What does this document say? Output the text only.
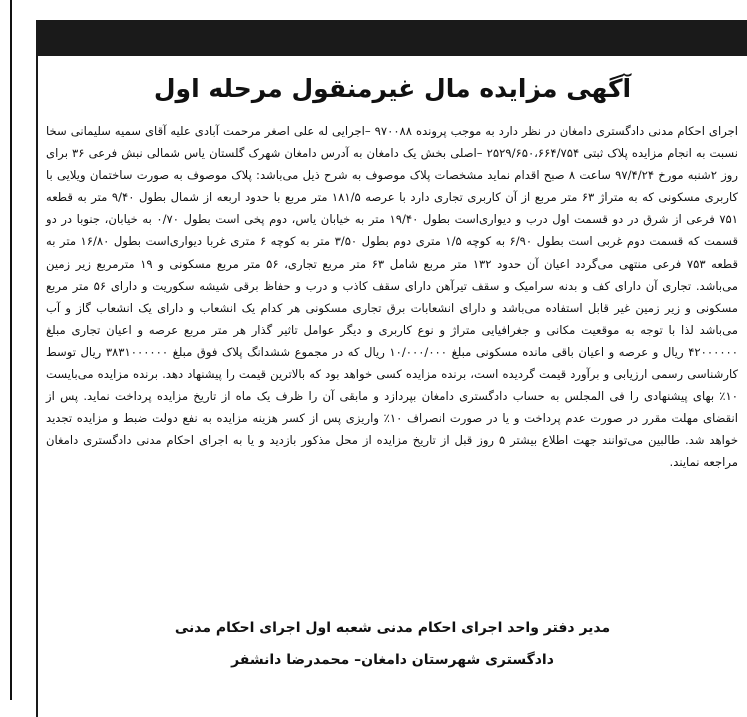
آگهی مزایده مال غیرمنقول مرحله اول

اجرای احکام مدنی دادگستری دامغان در نظر دارد به موجب پرونده ۹۷۰۰۸۸ –اجرایی له علی اصغر مرحمت آبادی علیه آقای سمیه سلیمانی سخا نسبت به انجام مزایده پلاک ثبتی ۲۵۲۹/۶۵۰،۶۶۴/۷۵۴ –اصلی بخش یک دامغان به آدرس دامغان شهرک گلستان یاس شمالی نبش فرعی ۳۶ برای روز ۲شنبه مورخ ۹۷/۴/۲۴ ساعت ۸ صبح اقدام نماید مشخصات پلاک موصوف به شرح ذیل می‌باشد: پلاک موصوف به صورت ساختمان ویلایی با کاربری مسکونی که به متراژ ۶۳ متر مربع از آن کاربری تجاری دارد با عرصه ۱۸۱/۵ متر مربع با حدود اربعه از شمال بطول ۹/۴۰ متر به قطعه ۷۵۱ فرعی از شرق در دو قسمت اول درب و دیواری‌است بطول ۱۹/۴۰ متر به خیابان یاس، دوم پخی است بطول ۰/۷۰ به خیابان، جنوبا در دو قسمت که قسمت دوم غربی است بطول ۶/۹۰ به کوچه ۱/۵ متری دوم بطول ۳/۵۰ متر به کوچه ۶ متری غربا دیواری‌است بطول ۱۶/۸۰ متر به قطعه ۷۵۳ فرعی منتهی می‌گردد اعیان آن حدود ۱۳۲ متر مربع شامل ۶۳ متر مربع تجاری، ۵۶ متر مربع مسکونی و ۱۹ مترمربع زیر زمین می‌باشد. تجاری آن دارای کف و بدنه سرامیک و سقف تیرآهن دارای سقف کاذب و درب و حفاظ برقی شیشه سکوریت و دارای ۵۶ متر مربع مسکونی و زیر زمین غیر قابل استفاده می‌باشد و دارای انشعابات برق تجاری مسکونی هر کدام یک انشعاب و دارای یک انشعاب گاز و آب می‌باشد لذا با توجه به موقعیت مکانی و جغرافیایی متراژ و نوع کاربری و دیگر عوامل تاثیر گذار هر متر مربع عرصه و اعیان تجاری مبلغ ۴۲۰۰۰۰۰۰ ریال و عرصه و اعیان باقی مانده مسکونی مبلغ ۱۰/۰۰۰/۰۰۰ ریال که در مجموع ششدانگ پلاک فوق مبلغ ۳۸۳۱۰۰۰۰۰۰ ریال توسط کارشناسی رسمی ارزیابی و برآورد قیمت گردیده است، برنده مزایده کسی خواهد بود که بالاترین قیمت را پیشنهاد دهد. برنده مزایده می‌بایست ۱۰٪ بهای پیشنهادی را فی المجلس به حساب دادگستری دامغان بپردازد و مابقی آن را ظرف یک ماه از تاریخ مزایده پرداخت نماید. پس از انقضای مهلت مقرر در صورت عدم پرداخت و یا در صورت انصراف ۱۰٪ واریزی پس از کسر هزینه مزایده به نفع دولت ضبط و مزایده تجدید خواهد شد. طالبین می‌توانند جهت اطلاع بیشتر ۵ روز قبل از تاریخ مزایده از محل مذکور بازدید و یا به اجرای احکام مدنی دادگستری دامغان مراجعه نمایند.

مدیر دفتر واحد اجرای احکام مدنی شعبه اول اجرای احکام مدنی

دادگستری شهرستان دامغان– محمدرضا دانشفر
